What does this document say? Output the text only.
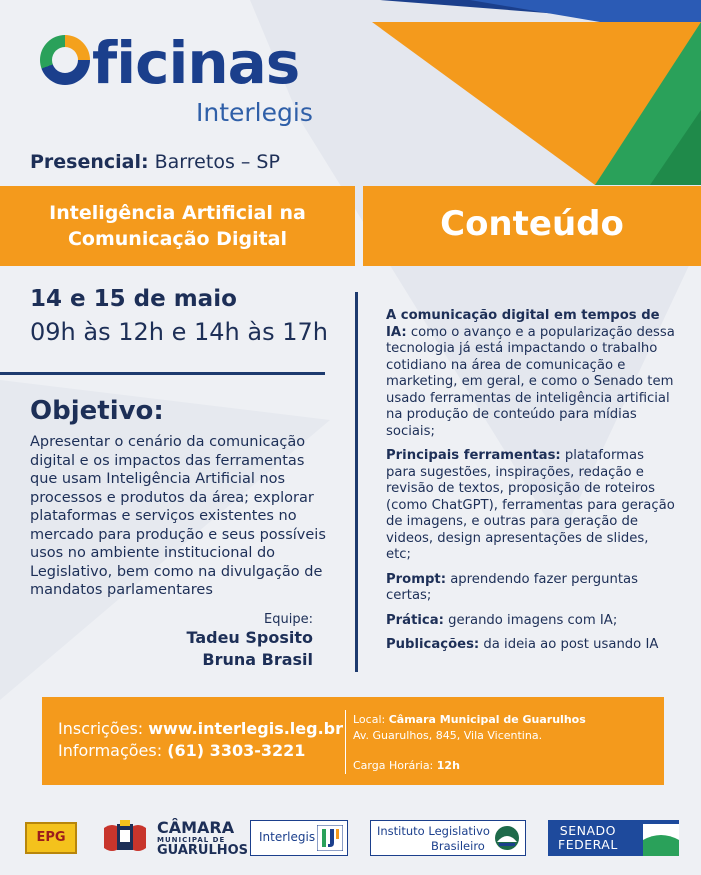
ficinas
Interlegis
Presencial: Barretos – SP
Inteligência Artificial na
Comunicação Digital	Conteúdo
14 e 15 de maio
09h às 12h e 14h às 17h
Objetivo:
Apresentar o cenário da comunicação digital e os impactos das ferramentas que usam Inteligência Artificial nos processos e produtos da área; explorar plataformas e serviços existentes no mercado para produção e seus possíveis usos no ambiente institucional do Legislativo, bem como na divulgação de mandatos parlamentares
Equipe:
Tadeu Sposito
Bruna Brasil

A comunicação digital em tempos de IA: como o avanço e a popularização dessa tecnologia já está impactando o trabalho cotidiano na área de comunicação e marketing, em geral, e como o Senado tem usado ferramentas de inteligência artificial na produção de conteúdo para mídias sociais;

Principais ferramentas: plataformas para sugestões, inspirações, redação e revisão de textos, proposição de roteiros (como ChatGPT), ferramentas para geração de imagens, e outras para geração de videos, design apresentações de slides, etc;

Prompt: aprendendo fazer perguntas certas;

Prática: gerando imagens com IA;

Publicações: da ideia ao post usando IA

Inscrições: www.interlegis.leg.br
Informações: (61) 3303-3221
Local: Câmara Municipal de Guarulhos
Av. Guarulhos, 845, Vila Vicentina.
Carga Horária: 12h
EPG
CÂMARA
MUNICIPAL DE
GUARULHOS
Interlegis	Instituto Legislativo
Brasileiro
SENADO
FEDERAL
